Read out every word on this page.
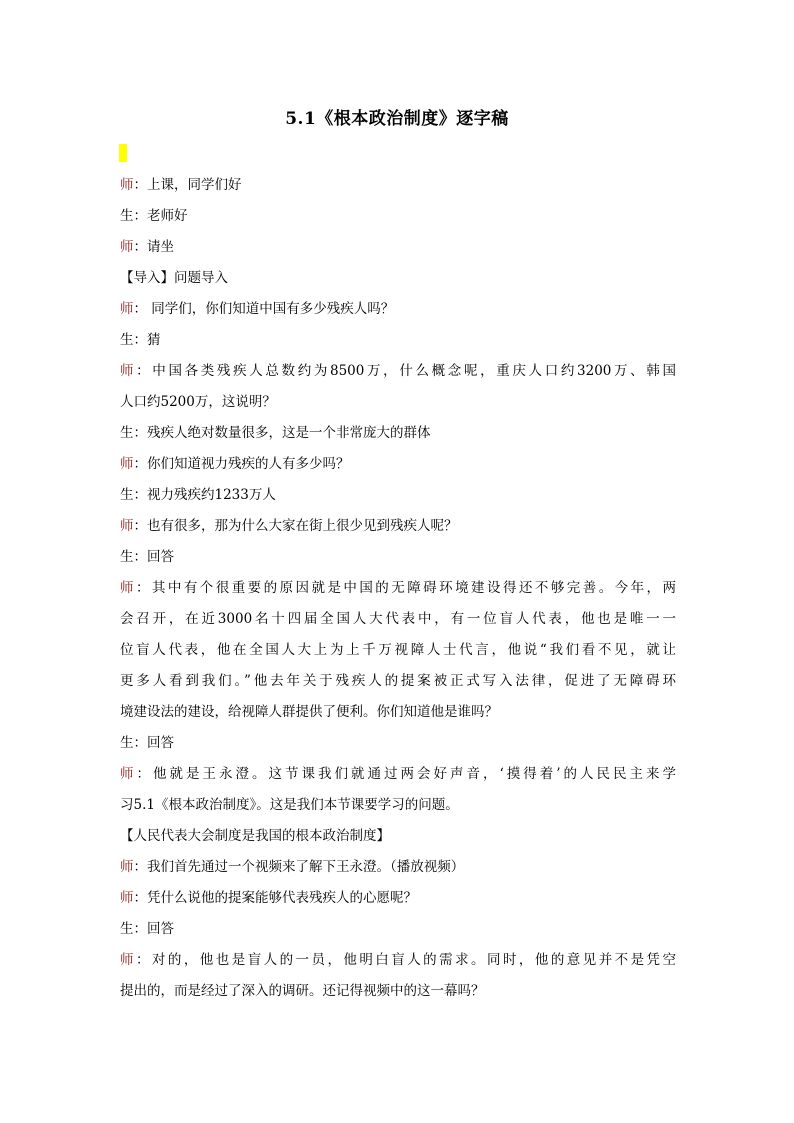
5.1《根本政治制度》逐字稿
师：上课，同学们好
生：老师好
师：请坐
【导入】问题导入
师： 同学们，你们知道中国有多少残疾人吗？
生：猜
师：中国各类残疾人总数约为8500万，什么概念呢，重庆人口约3200万、韩国
人口约5200万，这说明？
生：残疾人绝对数量很多，这是一个非常庞大的群体
师：你们知道视力残疾的人有多少吗？
生：视力残疾约1233万人
师：也有很多，那为什么大家在街上很少见到残疾人呢？
生：回答
师：其中有个很重要的原因就是中国的无障碍环境建设得还不够完善。今年，两
会召开，在近3000名十四届全国人大代表中，有一位盲人代表，他也是唯一一
位盲人代表，他在全国人大上为上千万视障人士代言，他说“我们看不见，就让
更多人看到我们。”他去年关于残疾人的提案被正式写入法律，促进了无障碍环
境建设法的建设，给视障人群提供了便利。你们知道他是谁吗？
生：回答
师：他就是王永澄。这节课我们就通过两会好声音，‘摸得着’的人民民主来学
习5.1《根本政治制度》。这是我们本节课要学习的问题。
【人民代表大会制度是我国的根本政治制度】
师：我们首先通过一个视频来了解下王永澄。（播放视频）
师：凭什么说他的提案能够代表残疾人的心愿呢？
生：回答
师：对的，他也是盲人的一员，他明白盲人的需求。同时，他的意见并不是凭空
提出的，而是经过了深入的调研。还记得视频中的这一幕吗？
